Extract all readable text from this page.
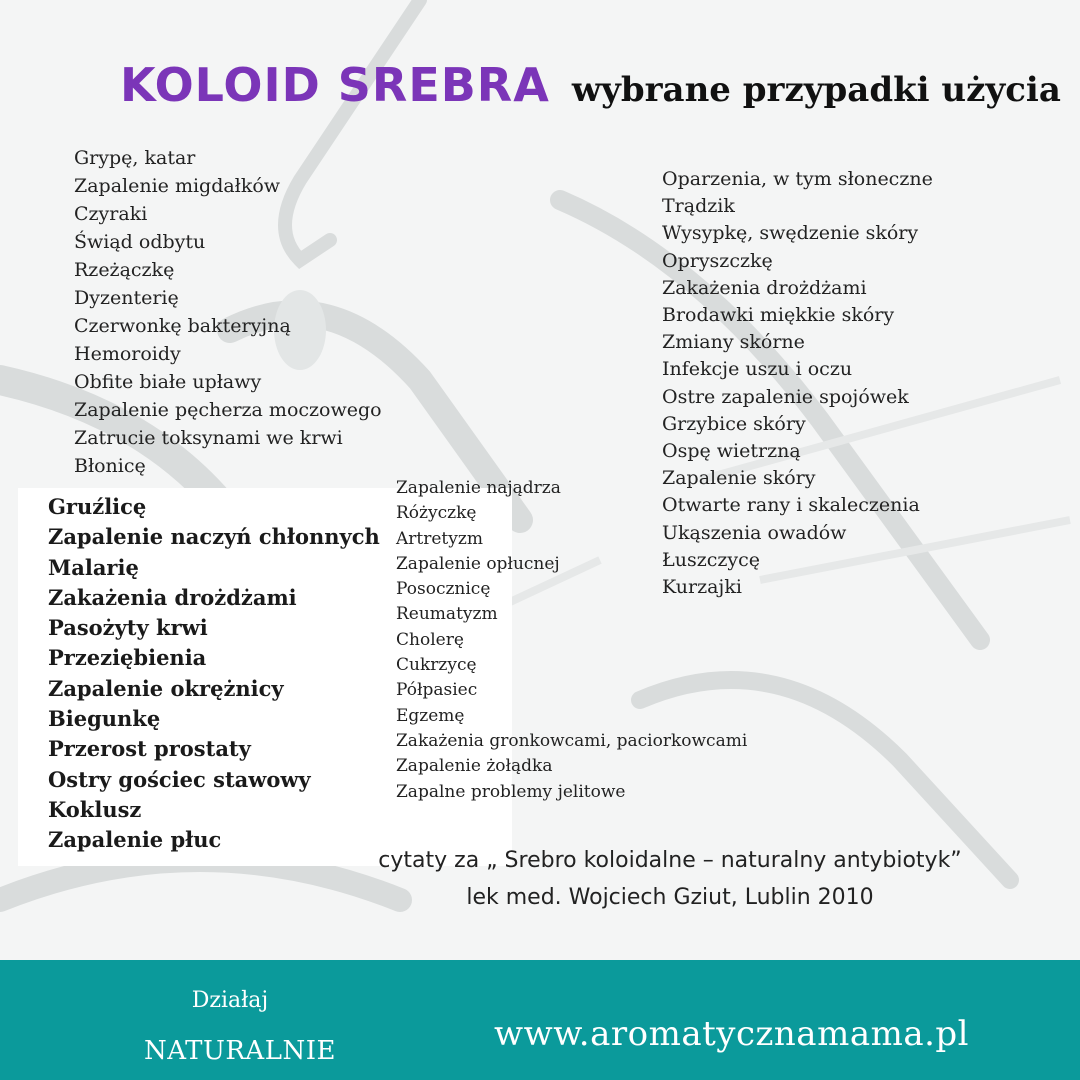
KOLOID SREBRA wybrane przypadki użycia
Grypę, katar
Zapalenie migdałków
Czyraki
Świąd odbytu
Rzeżączkę
Dyzenterię
Czerwonkę bakteryjną
Hemoroidy
Obfite białe upławy
Zapalenie pęcherza moczowego
Zatrucie toksynami we krwi
Błonicę
Oparzenia, w tym słoneczne
Trądzik
Wysypkę, swędzenie skóry
Opryszczkę
Zakażenia drożdżami
Brodawki miękkie skóry
Zmiany skórne
Infekcje uszu i oczu
Ostre zapalenie spojówek
Grzybice skóry
Ospę wietrzną
Zapalenie skóry
Otwarte rany i skaleczenia
Ukąszenia owadów
Łuszczycę
Kurzajki
Gruźlicę
Zapalenie naczyń chłonnych
Malarię
Zakażenia drożdżami
Pasożyty krwi
Przeziębienia
Zapalenie okrężnicy
Biegunkę
Przerost prostaty
Ostry gościec stawowy
Koklusz
Zapalenie płuc
Zapalenie najądrza
Różyczkę
Artretyzm
Zapalenie opłucnej
Posocznicę
Reumatyzm
Cholerę
Cukrzycę
Półpasiec
Egzemę
Zakażenia gronkowcami, paciorkowcami
Zapalenie żołądka
Zapalne problemy jelitowe
cytaty za „ Srebro koloidalne – naturalny antybiotyk”
lek med. Wojciech Gziut, Lublin 2010
Działaj
NATURALNIE	www.aromatycznamama.pl
